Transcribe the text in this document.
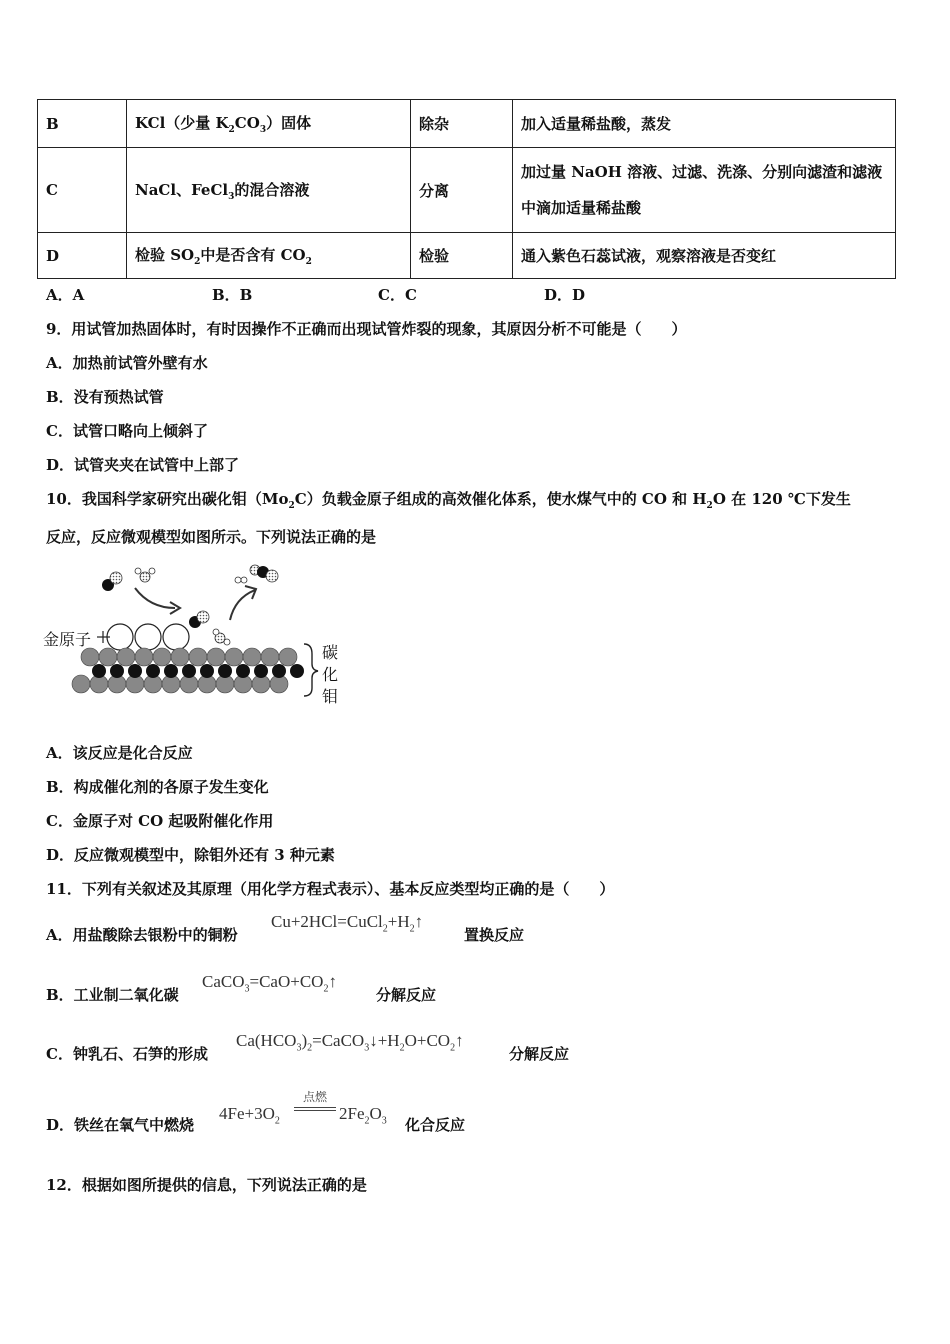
B	KCl（少量 $K_2CO_3$）固体	除杂	加入适量稀盐酸，蒸发
C	NaCl、FeCl$_3$的混合溶液	分离	加过量 NaOH 溶液、过滤、洗涤、分别向滤渣和滤液中滴加适量稀盐酸
D	检验 $SO_2$中是否含有 $CO_2$	检验	通入紫色石蕊试液，观察溶液是否变红
A．A	B．B	C．C	D．D
9．用试管加热固体时，有时因操作不正确而出现试管炸裂的现象，其原因分析不可能是（　　）
A．加热前试管外壁有水
B．没有预热试管
C．试管口略向上倾斜了
D．试管夹夹在试管中上部了
10．我国科学家研究出碳化钼$(Mo_2C)$负载金原子组成的高效催化体系，使水煤气中的 CO 和 $H_2O$ 在 120 ℃下发生
反应，反应微观模型如图所示。下列说法正确的是
金原子
碳
化
钼
A．该反应是化合反应
B．构成催化剂的各原子发生变化
C．金原子对 CO 起吸附催化作用
D．反应微观模型中，除钼外还有 3 种元素
11．下列有关叙述及其原理（用化学方程式表示）、基本反应类型均正确的是（　　）
A．用盐酸除去银粉中的铜粉
$Cu+2HCl=CuCl_2+H_2↑$
置换反应
B．工业制二氧化碳
$CaCO_3=CaO+CO_2↑$
分解反应
C．钟乳石、石笋的形成
$Ca(HCO_3)_2=CaCO_3↓+H_2O+CO_2↑$
分解反应
D．铁丝在氧气中燃烧
$4Fe+3O_2$
点燃
$2Fe_2O_3$ 化合反应
12．根据如图所提供的信息，下列说法正确的是
